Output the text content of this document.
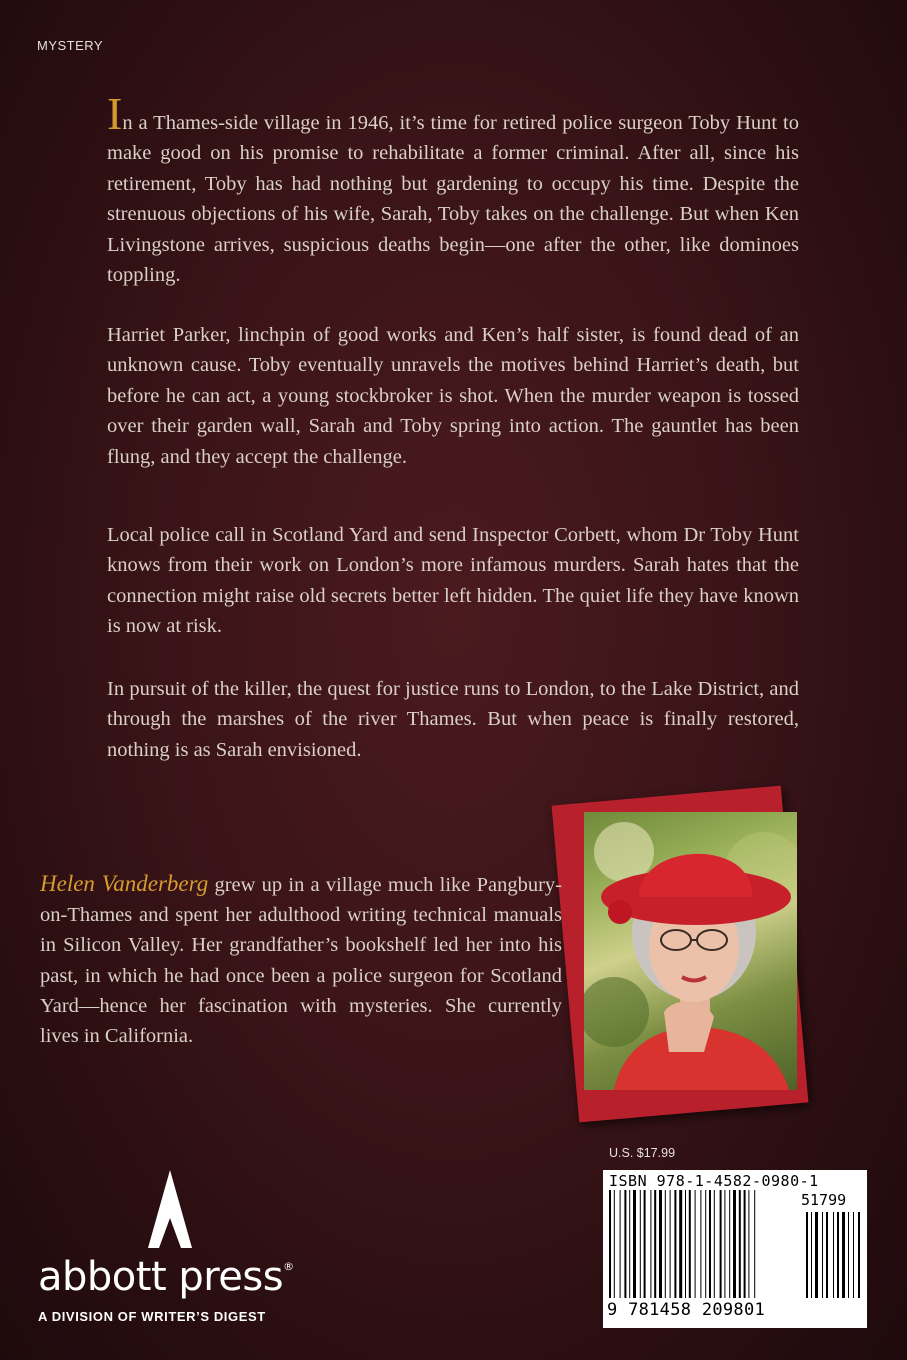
MYSTERY

In a Thames-side village in 1946, it’s time for retired police surgeon Toby Hunt to make good on his promise to rehabilitate a former criminal. After all, since his retirement, Toby has had nothing but gardening to occupy his time. Despite the strenuous objections of his wife, Sarah, Toby takes on the challenge. But when Ken Livingstone arrives, suspicious deaths begin—one after the other, like dominoes toppling.

Harriet Parker, linchpin of good works and Ken’s half sister, is found dead of an unknown cause. Toby eventually unravels the motives behind Harriet’s death, but before he can act, a young stockbroker is shot. When the murder weapon is tossed over their garden wall, Sarah and Toby spring into action. The gauntlet has been flung, and they accept the challenge.

Local police call in Scotland Yard and send Inspector Corbett, whom Dr Toby Hunt knows from their work on London’s more infamous murders. Sarah hates that the connection might raise old secrets better left hidden. The quiet life they have known is now at risk.

In pursuit of the killer, the quest for justice runs to London, to the Lake District, and through the marshes of the river Thames. But when peace is finally restored, nothing is as Sarah envisioned.

Helen Vanderberg grew up in a village much like Pangbury-on-Thames and spent her adulthood writing technical manuals in Silicon Valley. Her grandfather’s bookshelf led her into his past, in which he had once been a police surgeon for Scotland Yard—hence her fascination with mysteries. She currently lives in California.

U.S. $17.99
ISBN 978-1-4582-0980-1
51799
9 781458 209801
abbott press®
A DIVISION OF WRITER’S DIGEST
